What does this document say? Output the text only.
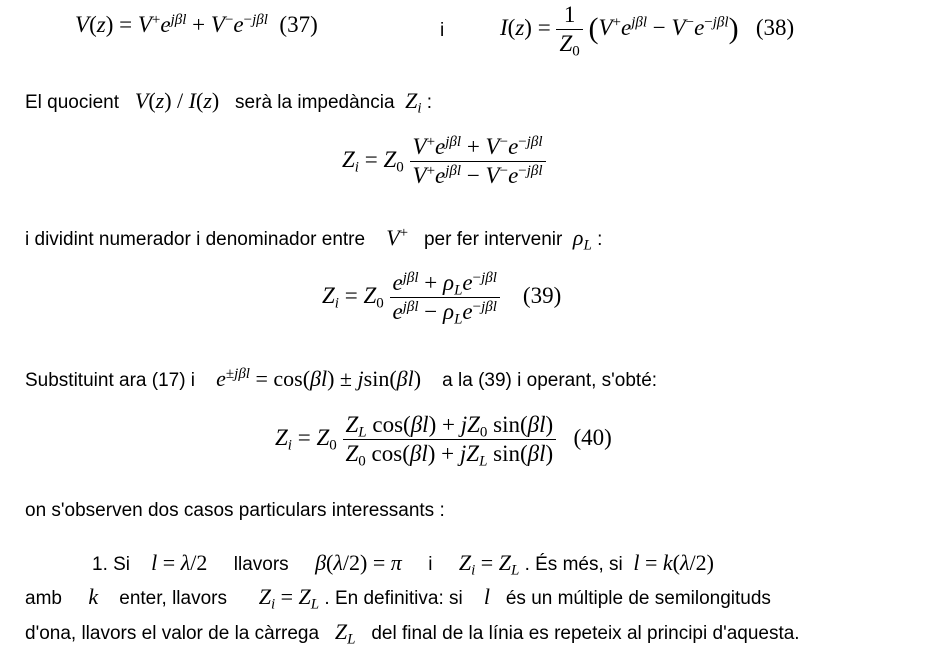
$V(z) = V^+e^{j\beta l} + V^-e^{-j\beta l}$ (37)	i $I(z) = \frac{1}{Z_0} (V^+e^{j\beta l} - V^-e^{-j\beta l})$ (38)
El quocient V(z) / I(z) serà la impedància $Z_i$ :
$Z_i = Z_0 \frac{V^+e^{j\beta l} + V^-e^{-j\beta l}}{V^+e^{j\beta l} - V^-e^{-j\beta l}}$
i dividint numerador i denominador entre V+ per fer intervenir $\rho_L$ :
$Z_i = Z_0 \frac{e^{j\beta l} + \rho_Le^{-j\beta l}}{e^{j\beta l} - \rho_Le^{-j\beta l}} (39)$
Substituint ara (17) i $e^{\pm j\beta l} = \cos(\beta l) \pm jsin(\beta l)$ a la (39) i operant, s'obté:
$Z_i = Z_0 \frac{Z_L \cos(\beta l) + jZ_0 \sin(\beta l)}{Z_0 \cos(\beta l) + jZ_L \sin(\beta l)} (40)$
on s'observen dos casos particulars interessants :
1. Si l = λ/2 llavors β(λ/2) = π i $Z_i = Z_L$ . És més, si l = k(λ/2)
amb k enter, llavors $Z_i = Z_L$ . En definitiva: si l és un múltiple de semilongituds
d'ona, llavors el valor de la càrrega $Z_L$ del final de la línia es repeteix al principi d'aquesta.
